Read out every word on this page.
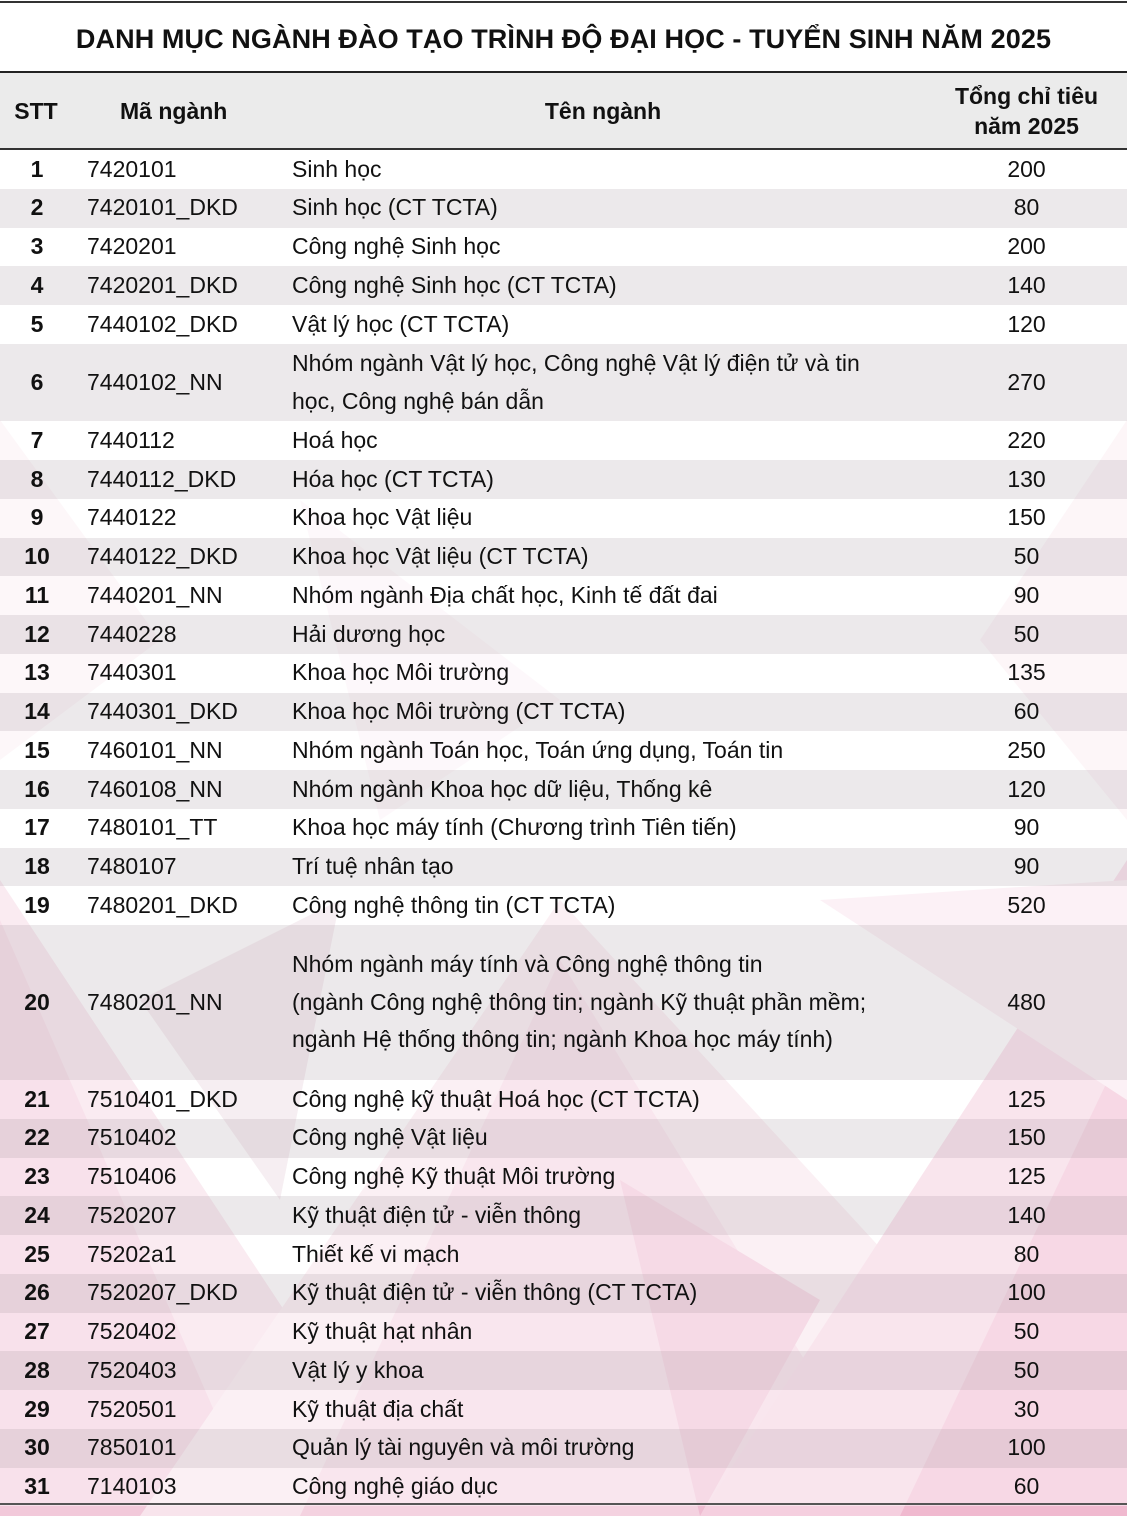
DANH MỤC NGÀNH ĐÀO TẠO TRÌNH ĐỘ ĐẠI HỌC - TUYỂN SINH NĂM 2025
STT	Mã ngành	Tên ngành	Tổng chỉ tiêu
năm 2025

1	7420101	Sinh học	200
2	7420101_DKD	Sinh học (CT TCTA)	80
3	7420201	Công nghệ Sinh học	200
4	7420201_DKD	Công nghệ Sinh học (CT TCTA)	140
5	7440102_DKD	Vật lý học (CT TCTA)	120
6	7440102_NN	Nhóm ngành Vật lý học, Công nghệ Vật lý điện tử và tin học, Công nghệ bán dẫn	270
7	7440112	Hoá học	220
8	7440112_DKD	Hóa học (CT TCTA)	130
9	7440122	Khoa học Vật liệu	150
10	7440122_DKD	Khoa học Vật liệu (CT TCTA)	50
11	7440201_NN	Nhóm ngành Địa chất học, Kinh tế đất đai	90
12	7440228	Hải dương học	50
13	7440301	Khoa học Môi trường	135
14	7440301_DKD	Khoa học Môi trường (CT TCTA)	60
15	7460101_NN	Nhóm ngành Toán học, Toán ứng dụng, Toán tin	250
16	7460108_NN	Nhóm ngành Khoa học dữ liệu, Thống kê	120
17	7480101_TT	Khoa học máy tính (Chương trình Tiên tiến)	90
18	7480107	Trí tuệ nhân tạo	90
19	7480201_DKD	Công nghệ thông tin (CT TCTA)	520
20	7480201_NN	Nhóm ngành máy tính và Công nghệ thông tin
(ngành Công nghệ thông tin; ngành Kỹ thuật phần mềm;
ngành Hệ thống thông tin; ngành Khoa học máy tính)	480
21	7510401_DKD	Công nghệ kỹ thuật Hoá học (CT TCTA)	125
22	7510402	Công nghệ Vật liệu	150
23	7510406	Công nghệ Kỹ thuật Môi trường	125
24	7520207	Kỹ thuật điện tử - viễn thông	140
25	75202a1	Thiết kế vi mạch	80
26	7520207_DKD	Kỹ thuật điện tử - viễn thông (CT TCTA)	100
27	7520402	Kỹ thuật hạt nhân	50
28	7520403	Vật lý y khoa	50
29	7520501	Kỹ thuật địa chất	30
30	7850101	Quản lý tài nguyên và môi trường	100
31	7140103	Công nghệ giáo dục	60
